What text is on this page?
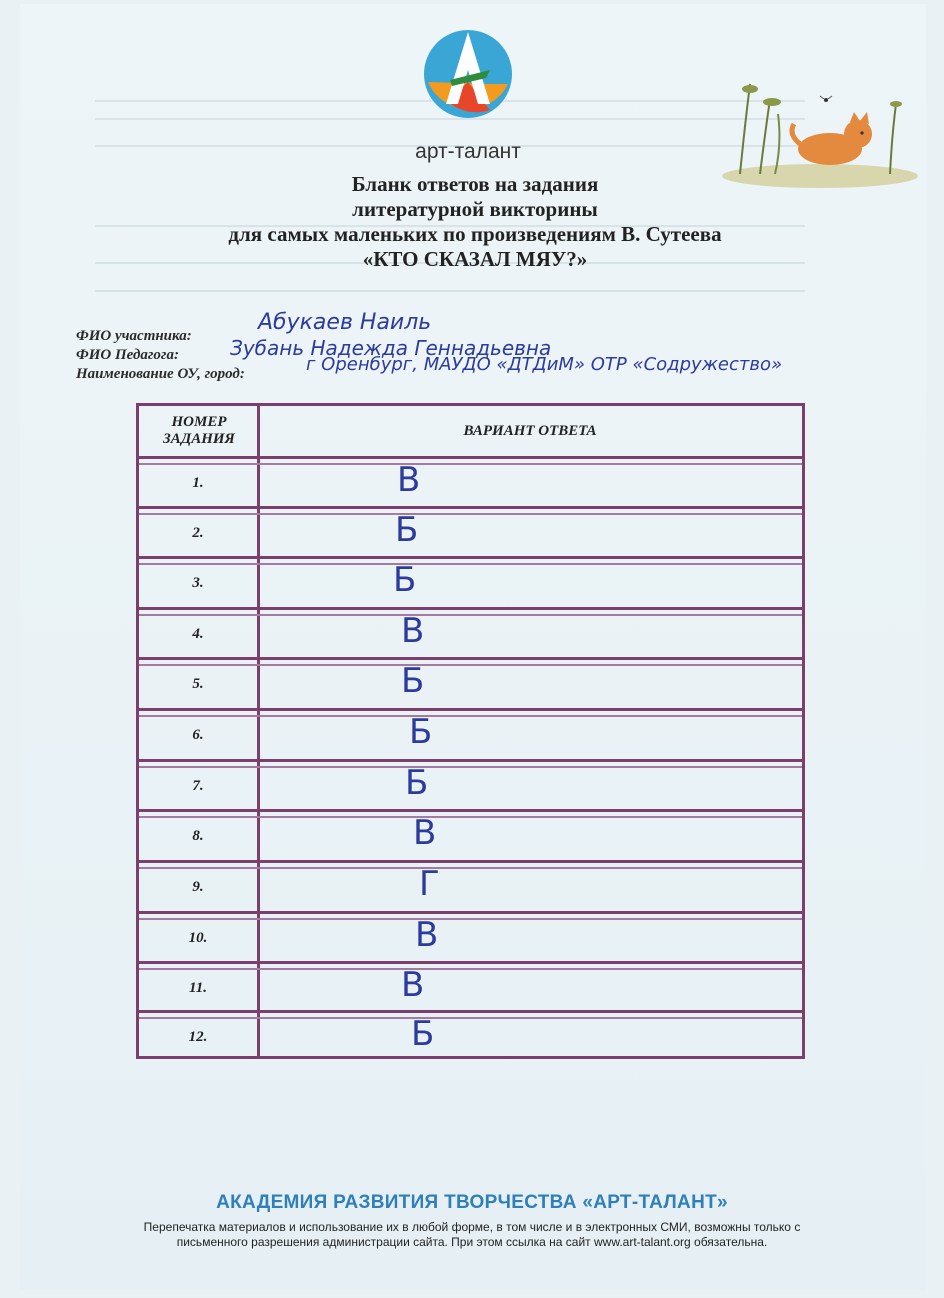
арт-талант
Бланк ответов на задания
литературной викторины
для самых маленьких по произведениям В. Сутеева
«КТО СКАЗАЛ МЯУ?»
ФИО участника:
Абукаев Наиль
ФИО Педагога:	Зубань Надежда Геннадьевна
Наименование ОУ, город:	г Оренбург, МАУДО «ДТДиМ» ОТР «Содружество»
НОМЕР ЗАДАНИЯ
ВАРИАНТ ОТВЕТА
1.	В
2.	Б
3.	Б
4.	В
5.	Б
6.	Б
7.	Б
8.	В
9.	Г
10.	В
11.	В
12.	Б
АКАДЕМИЯ РАЗВИТИЯ ТВОРЧЕСТВА «АРТ-ТАЛАНТ»
Перепечатка материалов и использование их в любой форме, в том числе и в электронных СМИ, возможны только с
письменного разрешения администрации сайта. При этом ссылка на сайт www.art-talant.org обязательна.
